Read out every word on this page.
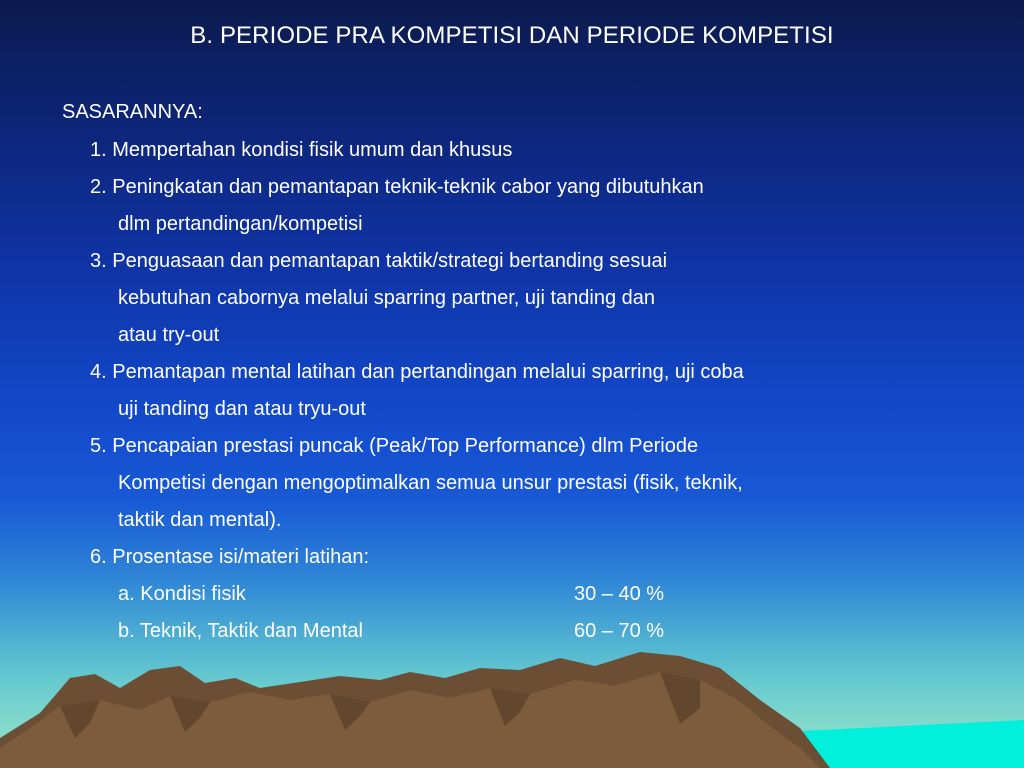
B. PERIODE PRA KOMPETISI DAN PERIODE KOMPETISI
SASARANNYA:
1. Mempertahan kondisi fisik umum dan khusus
2. Peningkatan dan pemantapan teknik-teknik cabor yang dibutuhkan
dlm pertandingan/kompetisi
3. Penguasaan dan pemantapan taktik/strategi bertanding sesuai
kebutuhan cabornya melalui sparring partner, uji tanding dan
atau try-out
4. Pemantapan mental latihan dan pertandingan melalui sparring, uji coba
uji tanding dan atau tryu-out
5. Pencapaian prestasi puncak (Peak/Top Performance) dlm Periode
Kompetisi dengan mengoptimalkan semua unsur prestasi (fisik, teknik,
taktik dan mental).
6. Prosentase isi/materi latihan:
a. Kondisi fisik	30 – 40 %
b. Teknik, Taktik dan Mental	60 – 70 %
